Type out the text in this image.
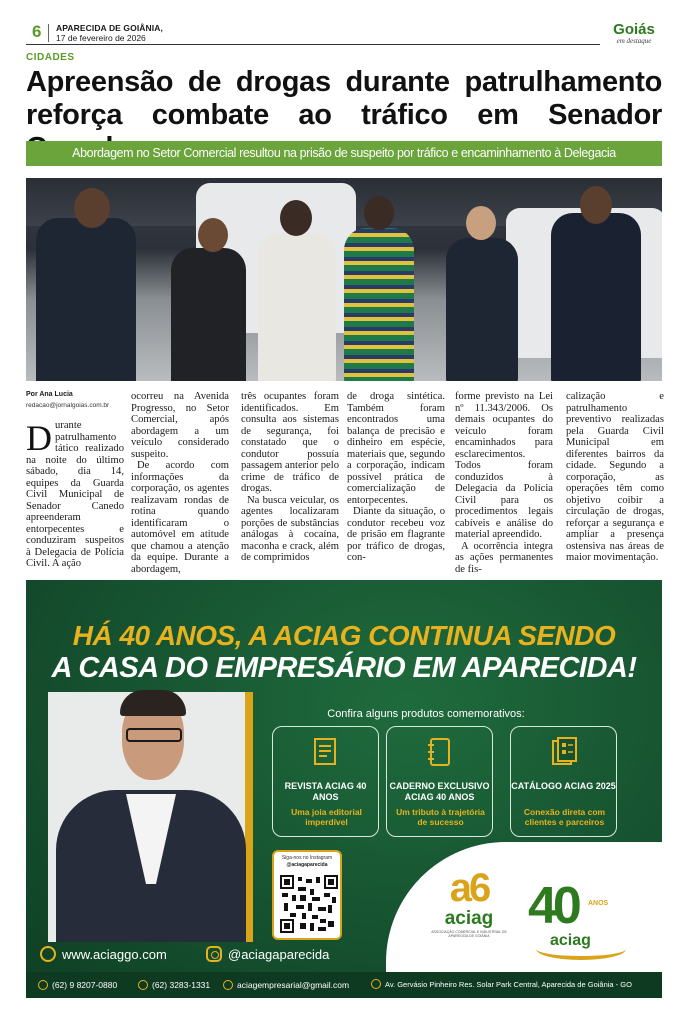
6 APARECIDA DE GOIÂNIA,
17 de fevereiro de 2026	Goiás
em destaque
CIDADES
Apreensão de drogas durante patrulhamento reforça combate ao tráfico em Senador
Abordagem no Setor Comercial resultou na prisão de suspeito por tráfico e encaminhamento à Delegacia
Por Ana Lucia
redacao@jornalgoias.com.br

Durante patrulhamento tático realizado na noite do último sábado, dia 14, equipes da Guarda Civil Municipal de Senador Canedo apreenderam entorpecentes e conduziram suspeitos à Delegacia de Polícia Civil. A ação

ocorreu na Avenida Progresso, no Setor Comercial, após abordagem a um veículo considerado suspeito.

De acordo com informações da corporação, os agentes realizavam rondas de rotina quando identificaram o automóvel em atitude que chamou a atenção da equipe. Durante a abordagem,

três ocupantes foram identificados. Em consulta aos sistemas de segurança, foi constatado que o condutor possuía passagem anterior pelo crime de tráfico de drogas.

Na busca veicular, os agentes localizaram porções de substâncias análogas à cocaína, maconha e crack, além de comprimidos

de droga sintética. Também foram encontrados uma balança de precisão e dinheiro em espécie, materiais que, segundo a corporação, indicam possível prática de comercialização de entorpecentes.

Diante da situação, o condutor recebeu voz de prisão em flagrante por tráfico de drogas, con-

forme previsto na Lei nº 11.343/2006. Os demais ocupantes do veículo foram encaminhados para esclarecimentos. Todos foram conduzidos à Delegacia da Polícia Civil para os procedimentos legais cabíveis e análise do material apreendido.

A ocorrência integra as ações permanentes de fis-

calização e patrulhamento preventivo realizadas pela Guarda Civil Municipal em diferentes bairros da cidade. Segundo a corporação, as operações têm como objetivo coibir a circulação de drogas, reforçar a segurança e ampliar a presença ostensiva nas áreas de maior movimentação.

HÁ 40 ANOS, A ACIAG CONTINUA SENDO
A CASA DO EMPRESÁRIO EM APARECIDA!
Confira alguns produtos comemorativos:
REVISTA ACIAG 40 ANOS
Uma joia editorial imperdível
CADERNO EXCLUSIVO ACIAG 40 ANOS
Um tributo à trajetória de sucesso
CATÁLOGO ACIAG 2025
Conexão direta com clientes e parceiros
Siga-nos no Instagram
@aciagaparecida
a6
aciag
ASSOCIAÇÃO COMERCIAL E INDUSTRIAL DE APARECIDA DE GOIÂNIA
40 ANOS
aciag
www.aciaggo.com	@aciagaparecida
(62) 9 8207-0880	(62) 3283-1331	aciagempresarial@gmail.com	Av. Gervásio Pinheiro Res. Solar Park Central, Aparecida de Goiânia - GO
